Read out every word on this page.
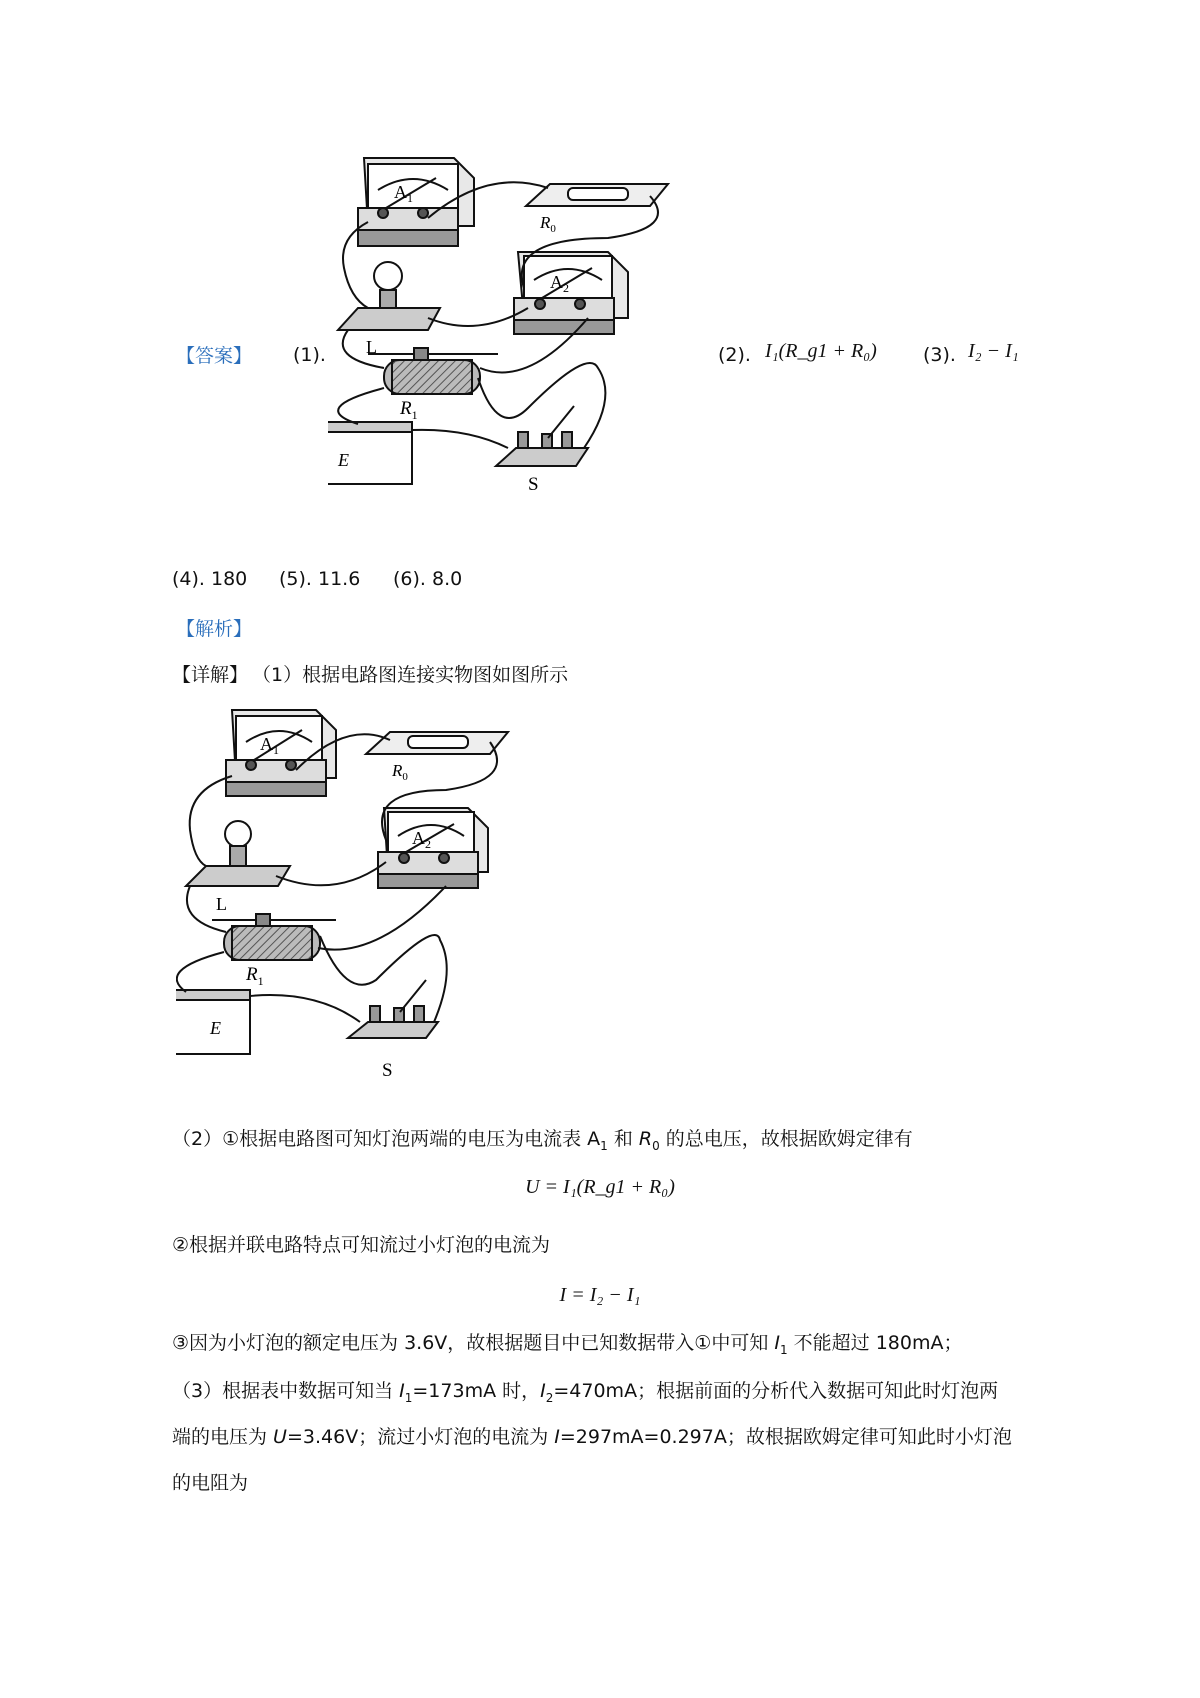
【答案】 (1).
$A_1$
$R_0$
$A_2$
L
$R_1$
E
S
(2). I₁(R_g1 + R₀) (3). I₂ − I₁
(4). 180 (5). 11.6 (6). 8.0
【解析】
【详解】 （1）根据电路图连接实物图如图所示
$A_1$
$R_0$
$A_2$
L
$R_1$
E
S
（2）①根据电路图可知灯泡两端的电压为电流表 $A_1$ 和 $R_0$ 的总电压，故根据欧姆定律有
U = I₁(R_g1 + R₀)
②根据并联电路特点可知流过小灯泡的电流为
I = I₂ − I₁
③因为小灯泡的额定电压为 3.6V，故根据题目中已知数据带入①中可知 $I_1$ 不能超过 180mA；
（3）根据表中数据可知当 $I_1=173mA$ 时，$I_2=470mA$；根据前面的分析代入数据可知此时灯泡两
端的电压为 U=3.46V；流过小灯泡的电流为 I=297mA=0.297A；故根据欧姆定律可知此时小灯泡
的电阻为
